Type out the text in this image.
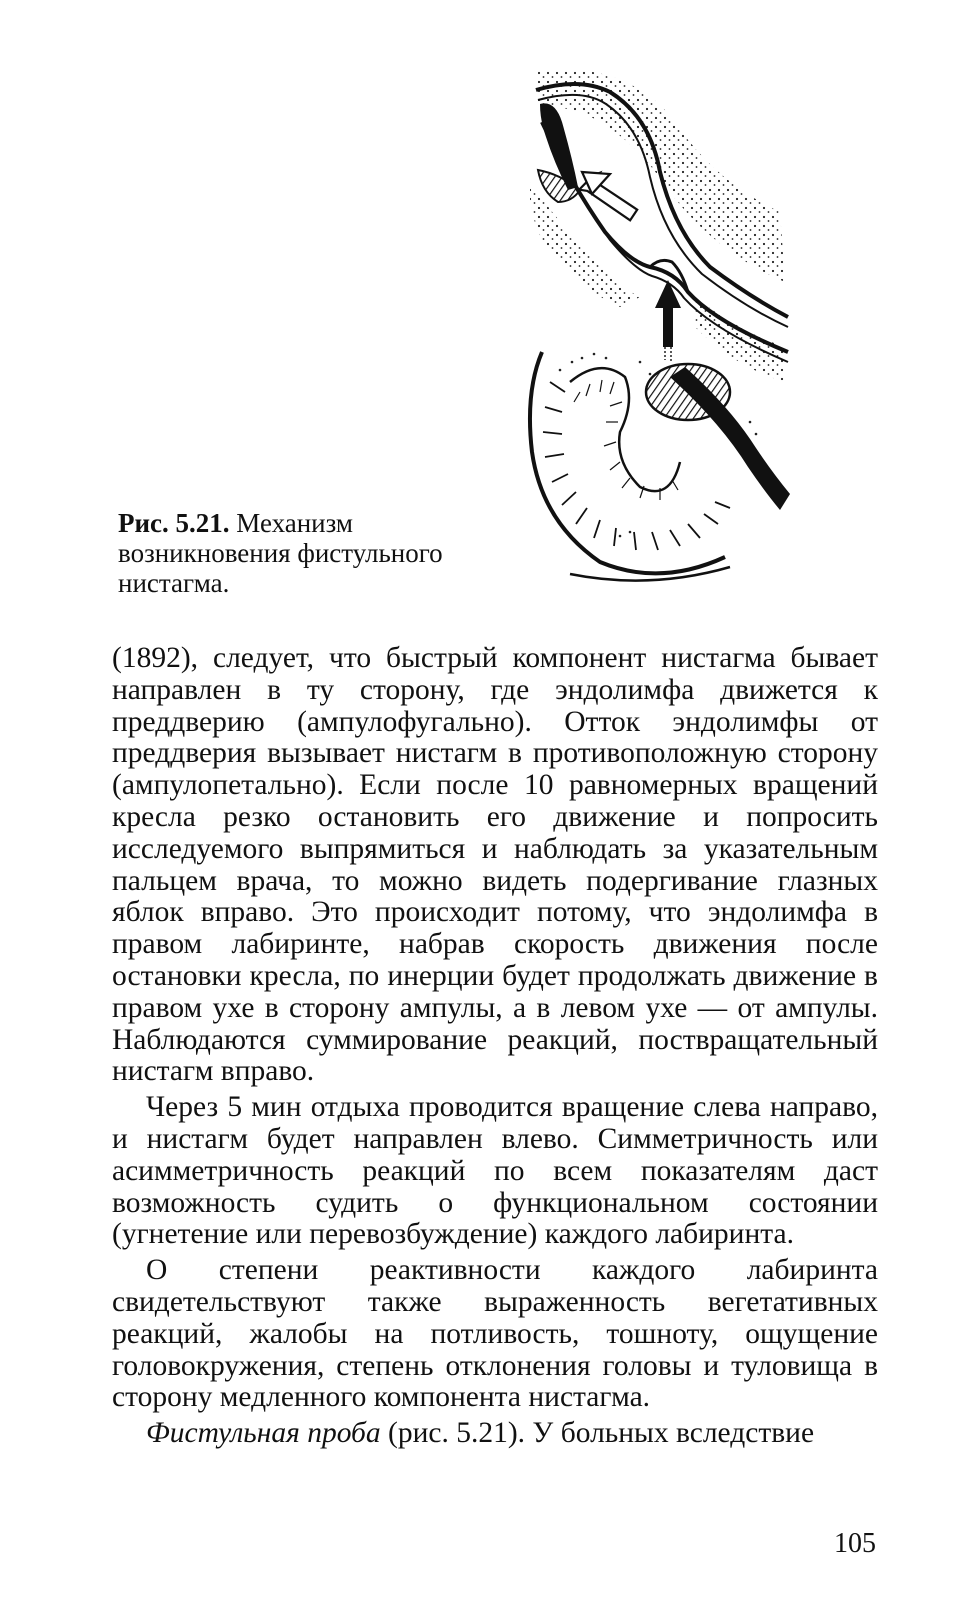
Рис. 5.21. Механизм возникновения фистульного нистагма.

(1892), следует, что быстрый компонент нистагма бывает направлен в ту сторону, где эндолимфа движется к преддверию (ампулофугально). Отток эндолимфы от преддверия вызывает нистагм в противоположную сторону (ампулопетально). Если после 10 равномерных вращений кресла резко остановить его движение и попросить исследуемого выпрямиться и наблюдать за указательным пальцем врача, то можно видеть подергивание глазных яблок вправо. Это происходит потому, что эндолимфа в правом лабиринте, набрав скорость движения после остановки кресла, по инерции будет продолжать движение в правом ухе в сторону ампулы, а в левом ухе — от ампулы. Наблюдаются суммирование реакций, поствращательный нистагм вправо.

Через 5 мин отдыха проводится вращение слева направо, и нистагм будет направлен влево. Симметричность или асимметричность реакций по всем показателям даст возможность судить о функциональном состоянии (угнетение или перевозбуждение) каждого лабиринта.

О степени реактивности каждого лабиринта свидетельствуют также выраженность вегетативных реакций, жалобы на потливость, тошноту, ощущение головокружения, степень отклонения головы и туловища в сторону медленного компонента нистагма.

Фистульная проба (рис. 5.21). У больных вследствие

105
